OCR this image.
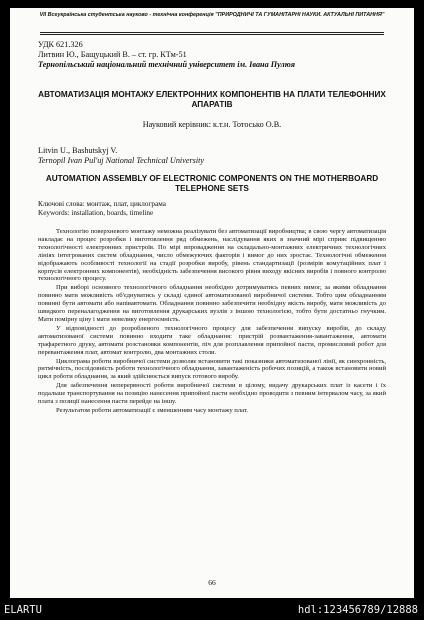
VII Всеукраїнська студентська науково - технічна конференція "ПРИРОДНИЧІ ТА ГУМАНІТАРНІ НАУКИ. АКТУАЛЬНІ ПИТАННЯ"
УДК 621.326
Литвин Ю., Бащуцький В. – ст. гр. КТм-51
Тернопільський національний технічний університет ім. Івана Пулюя
АВТОМАТИЗАЦІЯ МОНТАЖУ ЕЛЕКТРОННИХ КОМПОНЕНТІВ НА ПЛАТИ ТЕЛЕФОННИХ АПАРАТІВ
Науковий керівник: к.т.н. Тотосько О.В.
Litvin U., Bashutskyj V.
Ternopil Ivan Pul'uj National Technical University
AUTOMATION ASSEMBLY OF ELECTRONIC COMPONENTS ON THE MOTHERBOARD TELEPHONE SETS
Ключові слова: монтаж, плат, циклограма
Keywords: installation, boards, timeline

Технологію поверхневого монтажу неможна реалізувати без автоматизації виробництва; в свою чергу автоматизація накладає на процес розробки і виготовлення ряд обмежень, наслідування яких в значний мірі сприяє підвищенню технологічності електронних пристроїв. По мірі впровадження на складально-монтажних електричних технологічних лініях інтегрованих систем обладнання, число обмежуючих факторів і вимог до них зростає. Технологічні обмеження відображають особливості технології на стадії розробки виробу, рівень стандартизації (розмірів комутаційних плат і корпусів електронних компонентів), необхідність забезпечення високого рівня виходу якісних виробів і повного контролю технологічного процесу.

При виборі основного технологічного обладнання необхідно дотримуватись певних вимог, за якими обладнання повинно мати можливість об'єднуватись у складі єдиної автоматизованої виробничої системи. Тобто цим обладнанням повинні бути автомати або напівавтомати. Обладнання повинно забезпечити необхідну якість виробу, мати можливість до швидкого переналагодження на виготовлення друкарських вузлів з іншою технологією, тобто бути достатньо гнучким. Мати помірну ціну і мати невелику енергоємність.

У відповідності до розробленого технологічного процесу для забезпечення випуску виробів, до складу автоматизованої системи повинно входити таке обладнання: пристрій розвантаження-завантаження, автомати трафаретного друку, автомати розстановки компонентів, піч для розплавлення припойної пасти, промисловий робот для перевантаження плат, автомат контролю, два монтажних столи.

Циклограма роботи виробничої системи дозволяє встановити такі показники автоматизованої лінії, як синхронність, ритмічність, послідовність роботи технологічного обладнання, завантаженість робочих позицій, а також встановити новий цикл роботи обладнання, за який здійснюється випуск готового виробу.

Для забезпечення неперервності роботи виробничої системи в цілому, видачу друкарських плат із касети і їх подальше транспортування на позицію нанесення припойної пасти необхідно проводити з певним інтервалом часу, за який плата з позиції нанесення пасти перейде на іншу.

Результатом роботи автоматизації є зменшенням часу монтажу плат.

66
ELARTU	hdl:123456789/12888
